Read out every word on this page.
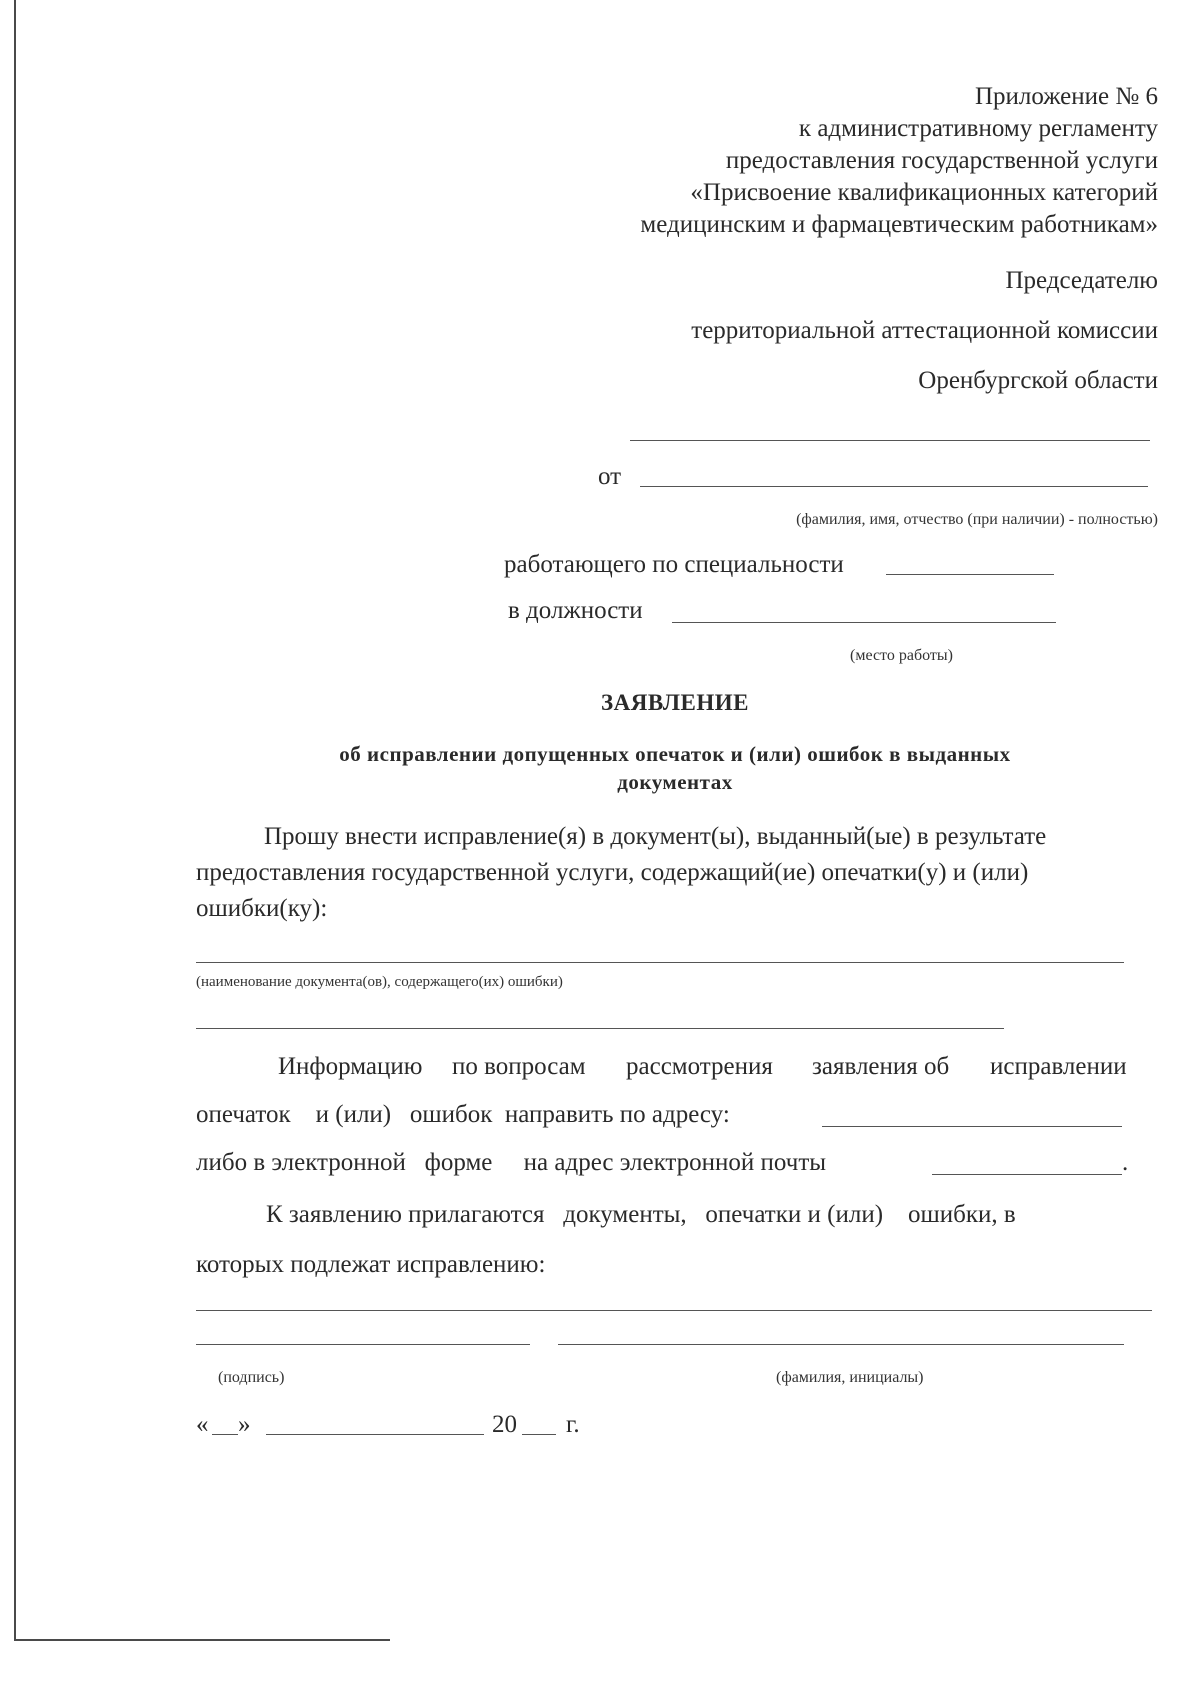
Приложение № 6
к административному регламенту
предоставления государственной услуги
«Присвоение квалификационных категорий
медицинским и фармацевтическим работникам»
Председателю
территориальной аттестационной комиссии
Оренбургской области
от
(фамилия, имя, отчество (при наличии) - полностью)
работающего по специальности
в должности
(место работы)
ЗАЯВЛЕНИЕ
об исправлении допущенных опечаток и (или) ошибок в выданных
документах
Прошу внести исправление(я) в документ(ы), выданный(ые) в результате
предоставления государственной услуги, содержащий(ие) опечатки(у) и (или)
ошибки(ку):
(наименование документа(ов), содержащего(их) ошибки)
Информацию по вопросам рассмотрения заявления об исправлении
опечаток    и (или)   ошибок  направить по адресу:
либо в электронной   форме     на адрес электронной почты	.
К заявлению прилагаются   документы,   опечатки и (или)    ошибки, в
которых подлежат исправлению:
(подпись)	(фамилия, инициалы)
« »	20 г.
